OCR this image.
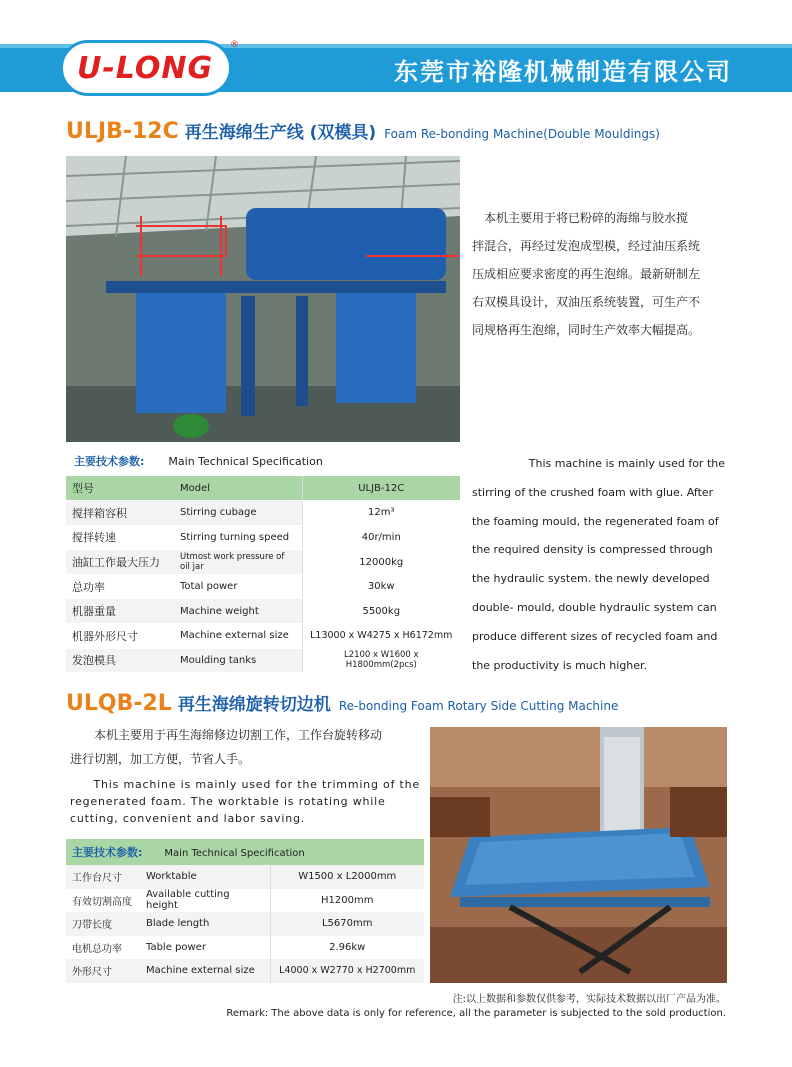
U-LONG
®
东莞市裕隆机械制造有限公司
ULJB-12C 再生海绵生产线 (双模具) Foam Re-bonding Machine(Double Mouldings)
本机主要用于将已粉碎的海绵与胶水搅
拌混合，再经过发泡成型模，经过油压系统
压成相应要求密度的再生泡绵。最新研制左
右双模具设计，双油压系统装置，可生产不
同规格再生泡绵，同时生产效率大幅提高。
This machine is mainly used for the
stirring of the crushed foam with glue. After
the foaming mould, the regenerated foam of
the required density is compressed through
the hydraulic system. the newly developed
double- mould, double hydraulic system can
produce different sizes of recycled foam and
the productivity is much higher.
主要技术参数: Main Technical Specification
型号	Model	ULJB-12C
搅拌箱容积	Stirring cubage	12m³
搅拌转速	Stirring turning speed	40r/min
油缸工作最大压力	Utmost work pressure of oil jar	12000kg
总功率	Total power	30kw
机器重量	Machine weight	5500kg
机器外形尺寸	Machine external size	L13000 x W4275 x H6172mm
发泡模具	Moulding tanks	L2100 x W1600 x H1800mm(2pcs)
ULQB-2L 再生海绵旋转切边机 Re-bonding Foam Rotary Side Cutting Machine
本机主要用于再生海绵修边切割工作，工作台旋转移动
进行切割，加工方便，节省人手。
This machine is mainly used for the trimming of the
regenerated foam. The worktable is rotating while
cutting, convenient and labor saving.
主要技术参数: Main Technical Specification		
工作台尺寸	Worktable	W1500 x L2000mm
有效切割高度	Available cutting height	H1200mm
刀带长度	Blade length	L5670mm
电机总功率	Table power	2.96kw
外形尺寸	Machine external size	L4000 x W2770 x H2700mm
注:以上数据和参数仅供参考，实际技术数据以出厂产品为准。
Remark: The above data is only for reference, all the parameter is subjected to the sold production.
